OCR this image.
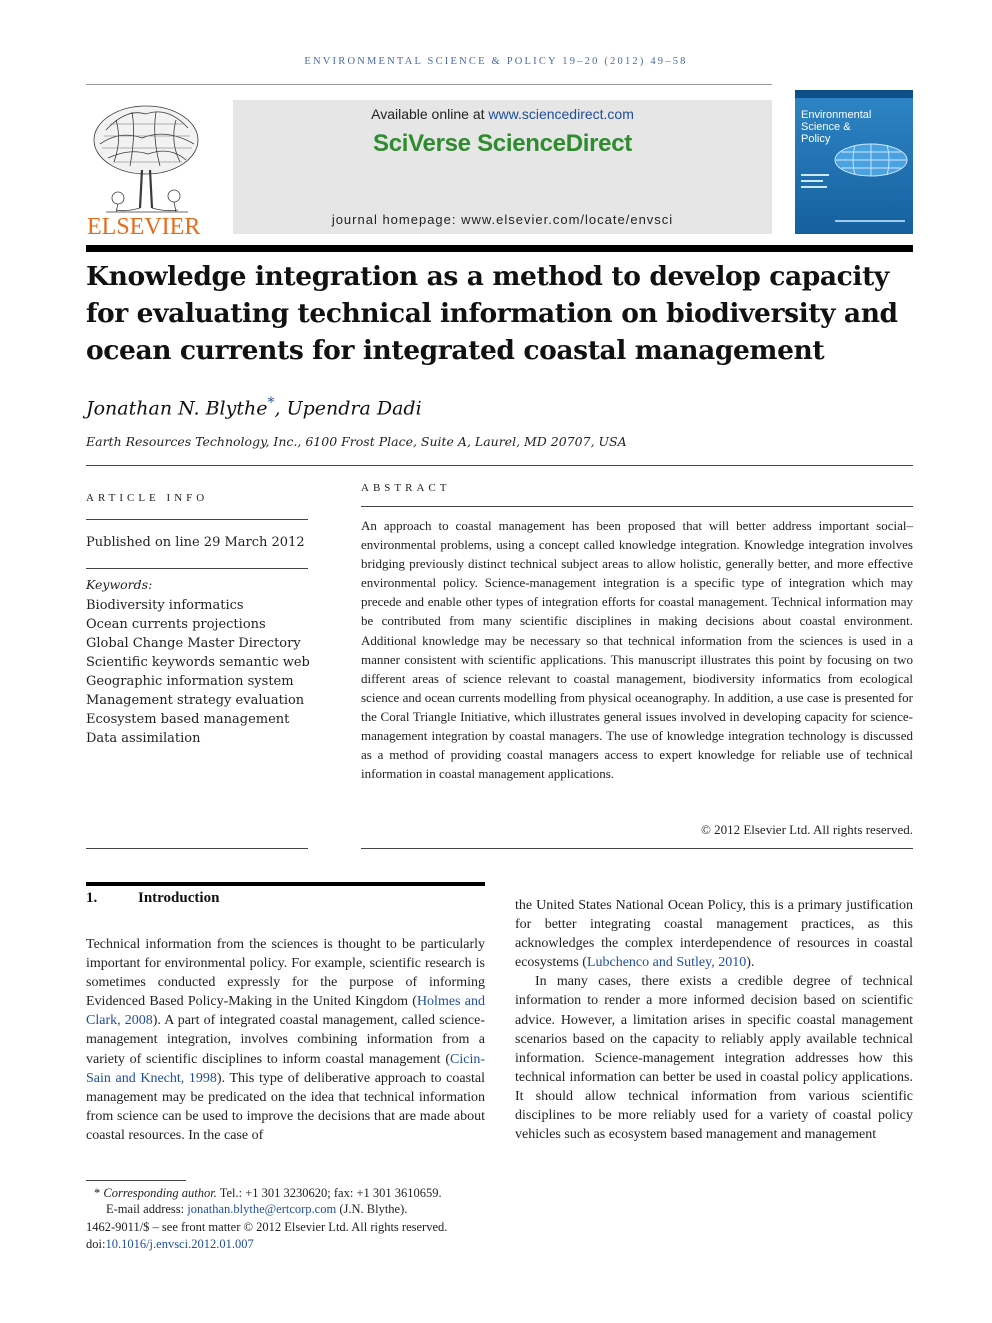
ENVIRONMENTAL SCIENCE & POLICY 19–20 (2012) 49–58
ELSEVIER
Available online at www.sciencedirect.com
SciVerse ScienceDirect
journal homepage: www.elsevier.com/locate/envsci
Environmental
Science &
Policy
Knowledge integration as a method to develop capacity for evaluating technical information on biodiversity and ocean currents for integrated coastal management
Jonathan N. Blythe*, Upendra Dadi
Earth Resources Technology, Inc., 6100 Frost Place, Suite A, Laurel, MD 20707, USA
ARTICLE INFO
Published on line 29 March 2012
Keywords:
Biodiversity informatics
Ocean currents projections
Global Change Master Directory
Scientific keywords semantic web
Geographic information system
Management strategy evaluation
Ecosystem based management
Data assimilation
ABSTRACT

An approach to coastal management has been proposed that will better address important social–environmental problems, using a concept called knowledge integration. Knowledge integration involves bridging previously distinct technical subject areas to allow holistic, generally better, and more effective environmental policy. Science-management integration is a specific type of integration which may precede and enable other types of integration efforts for coastal management. Technical information may be contributed from many scientific disciplines in making decisions about coastal environment. Additional knowledge may be necessary so that technical information from the sciences is used in a manner consistent with scientific applications. This manuscript illustrates this point by focusing on two different areas of science relevant to coastal management, biodiversity informatics from ecological science and ocean currents modelling from physical oceanography. In addition, a use case is presented for the Coral Triangle Initiative, which illustrates general issues involved in developing capacity for science-management integration by coastal managers. The use of knowledge integration technology is discussed as a method of providing coastal managers access to expert knowledge for reliable use of technical information in coastal management applications.

© 2012 Elsevier Ltd. All rights reserved.
1.	Introduction

Technical information from the sciences is thought to be particularly important for environmental policy. For example, scientific research is sometimes conducted expressly for the purpose of informing Evidenced Based Policy-Making in the United Kingdom (Holmes and Clark, 2008). A part of integrated coastal management, called science-management integration, involves combining information from a variety of scientific disciplines to inform coastal management (Cicin-Sain and Knecht, 1998). This type of deliberative approach to coastal management may be predicated on the idea that technical information from science can be used to improve the decisions that are made about coastal resources. In the case of

the United States National Ocean Policy, this is a primary justification for better integrating coastal management practices, as this acknowledges the complex interdependence of resources in coastal ecosystems (Lubchenco and Sutley, 2010).

In many cases, there exists a credible degree of technical information to render a more informed decision based on scientific advice. However, a limitation arises in specific coastal management scenarios based on the capacity to reliably apply available technical information. Science-management integration addresses how this technical information can better be used in coastal policy applications. It should allow technical information from various scientific disciplines to be more reliably used for a variety of coastal policy vehicles such as ecosystem based management and management

* Corresponding author. Tel.: +1 301 3230620; fax: +1 301 3610659.
E-mail address: jonathan.blythe@ertcorp.com (J.N. Blythe).
1462-9011/$ – see front matter © 2012 Elsevier Ltd. All rights reserved.
doi:10.1016/j.envsci.2012.01.007
